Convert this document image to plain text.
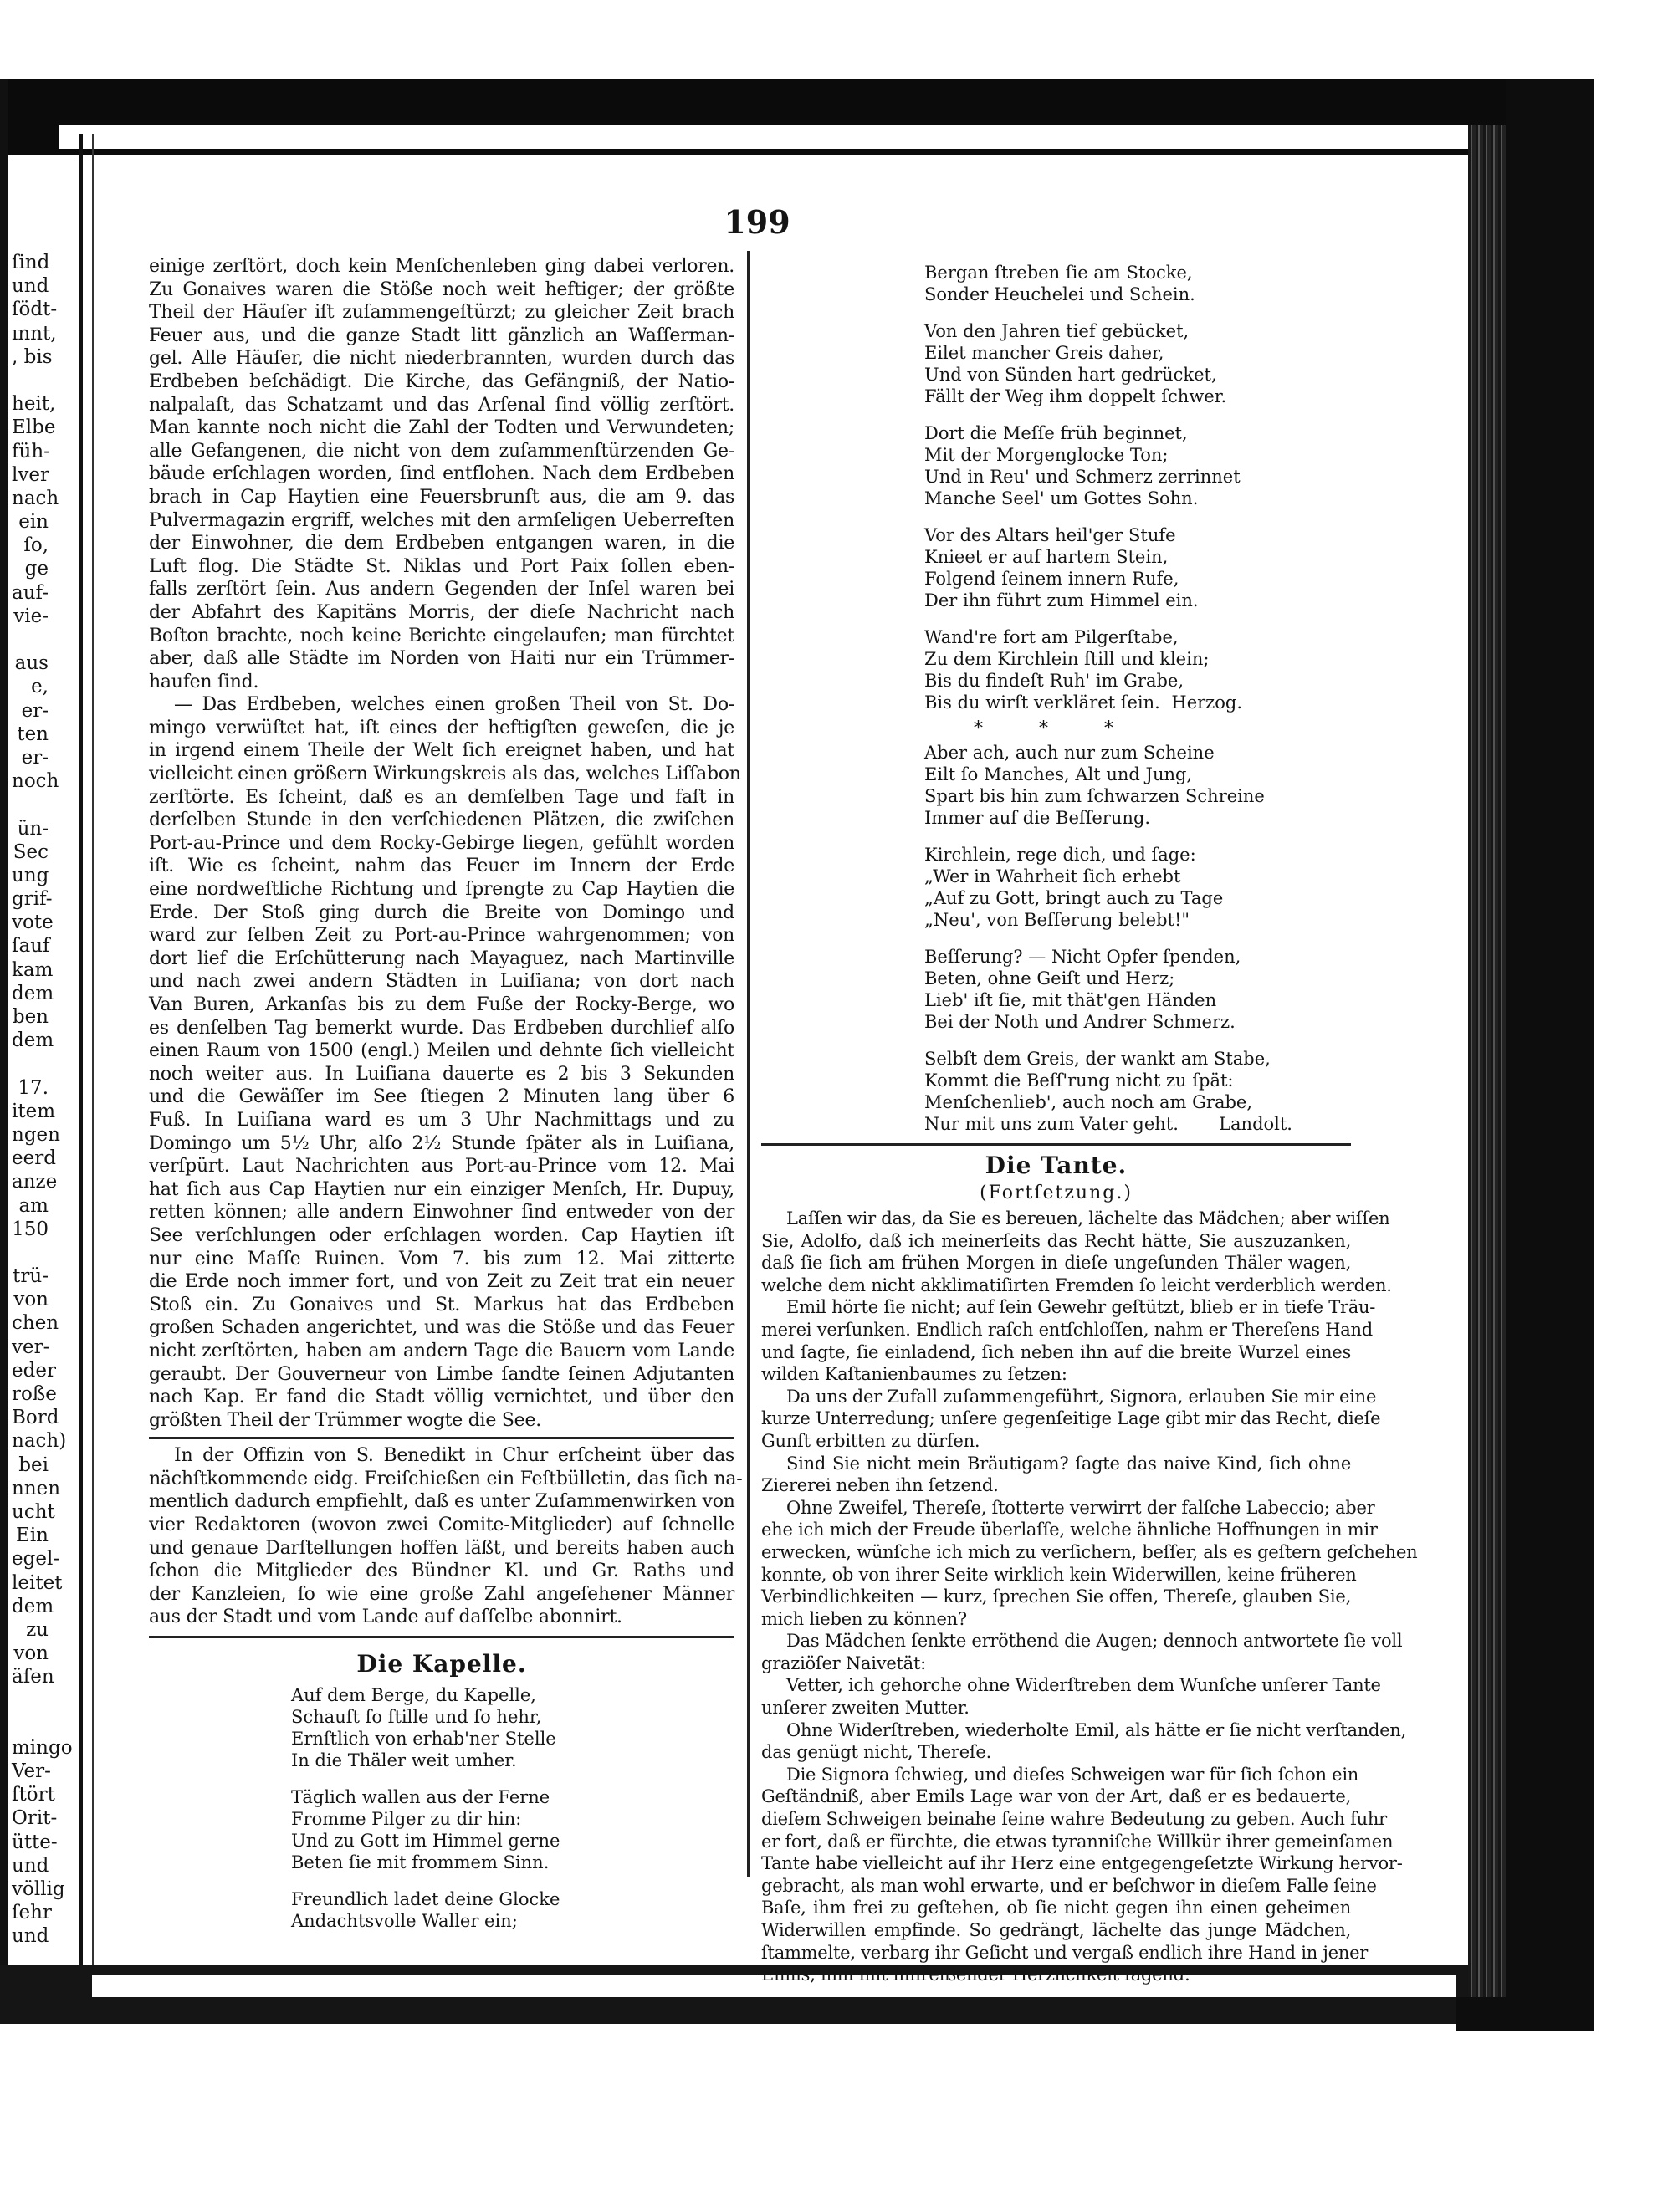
ſind
und
ſödt-
ınnt,
, bis
heit,
Elbe
füh-
lver
nach
ein
ſo,
ge
auf-
vie-
aus
e,
er-
ten
er-
noch
ün-
Sec
ung
grif-
vote
ſauf
kam
dem
ben
dem
17.
item
ngen
eerd
anze
am
150
trü-
von
chen
ver-
eder
roße
Bord
nach)
bei
nnen
ucht
Ein
egel-
leitet
dem
zu
von
äſen
mingo
Ver-
ſtört
Orit-
ütte-
und
völlig
ſehr
und
199
einige zerſtört, doch kein Menſchenleben ging dabei verloren.
Zu Gonaives waren die Stöße noch weit heftiger; der größte
Theil der Häuſer iſt zuſammengeſtürzt; zu gleicher Zeit brach
Feuer aus, und die ganze Stadt litt gänzlich an Waſſerman-
gel. Alle Häuſer, die nicht niederbrannten, wurden durch das
Erdbeben beſchädigt. Die Kirche, das Gefängniß, der Natio-
nalpalaſt, das Schatzamt und das Arſenal ſind völlig zerſtört.
Man kannte noch nicht die Zahl der Todten und Verwundeten;
alle Gefangenen, die nicht von dem zuſammenſtürzenden Ge-
bäude erſchlagen worden, ſind entflohen. Nach dem Erdbeben
brach in Cap Haytien eine Feuersbrunſt aus, die am 9. das
Pulvermagazin ergriff, welches mit den armſeligen Ueberreſten
der Einwohner, die dem Erdbeben entgangen waren, in die
Luft flog. Die Städte St. Niklas und Port Paix ſollen eben-
falls zerſtört ſein. Aus andern Gegenden der Inſel waren bei
der Abfahrt des Kapitäns Morris, der dieſe Nachricht nach
Boſton brachte, noch keine Berichte eingelaufen; man fürchtet
aber, daß alle Städte im Norden von Haiti nur ein Trümmer-
haufen ſind.
— Das Erdbeben, welches einen großen Theil von St. Do-
mingo verwüſtet hat, iſt eines der heftigſten geweſen, die je
in irgend einem Theile der Welt ſich ereignet haben, und hat
vielleicht einen größern Wirkungskreis als das, welches Liſſabon
zerſtörte. Es ſcheint, daß es an demſelben Tage und faſt in
derſelben Stunde in den verſchiedenen Plätzen, die zwiſchen
Port-au-Prince und dem Rocky-Gebirge liegen, gefühlt worden
iſt. Wie es ſcheint, nahm das Feuer im Innern der Erde
eine nordweſtliche Richtung und ſprengte zu Cap Haytien die
Erde. Der Stoß ging durch die Breite von Domingo und
ward zur ſelben Zeit zu Port-au-Prince wahrgenommen; von
dort lief die Erſchütterung nach Mayaguez, nach Martinville
und nach zwei andern Städten in Luiſiana; von dort nach
Van Buren, Arkanſas bis zu dem Fuße der Rocky-Berge, wo
es denſelben Tag bemerkt wurde. Das Erdbeben durchlief alſo
einen Raum von 1500 (engl.) Meilen und dehnte ſich vielleicht
noch weiter aus. In Luiſiana dauerte es 2 bis 3 Sekunden
und die Gewäſſer im See ſtiegen 2 Minuten lang über 6
Fuß. In Luiſiana ward es um 3 Uhr Nachmittags und zu
Domingo um 5½ Uhr, alſo 2½ Stunde ſpäter als in Luiſiana,
verſpürt. Laut Nachrichten aus Port-au-Prince vom 12. Mai
hat ſich aus Cap Haytien nur ein einziger Menſch, Hr. Dupuy,
retten können; alle andern Einwohner ſind entweder von der
See verſchlungen oder erſchlagen worden. Cap Haytien iſt
nur eine Maſſe Ruinen. Vom 7. bis zum 12. Mai zitterte
die Erde noch immer fort, und von Zeit zu Zeit trat ein neuer
Stoß ein. Zu Gonaives und St. Markus hat das Erdbeben
großen Schaden angerichtet, und was die Stöße und das Feuer
nicht zerſtörten, haben am andern Tage die Bauern vom Lande
geraubt. Der Gouverneur von Limbe ſandte ſeinen Adjutanten
nach Kap. Er fand die Stadt völlig vernichtet, und über den
größten Theil der Trümmer wogte die See.
In der Offizin von S. Benedikt in Chur erſcheint über das
nächſtkommende eidg. Freiſchießen ein Feſtbülletin, das ſich na-
mentlich dadurch empfiehlt, daß es unter Zuſammenwirken von
vier Redaktoren (wovon zwei Comite-Mitglieder) auf ſchnelle
und genaue Darſtellungen hoffen läßt, und bereits haben auch
ſchon die Mitglieder des Bündner Kl. und Gr. Raths und
der Kanzleien, ſo wie eine große Zahl angeſehener Männer
aus der Stadt und vom Lande auf daſſelbe abonnirt.
Die Kapelle.
Auf dem Berge, du Kapelle,
Schauſt ſo ſtille und ſo hehr,
Ernſtlich von erhab'ner Stelle
In die Thäler weit umher.
Täglich wallen aus der Ferne
Fromme Pilger zu dir hin:
Und zu Gott im Himmel gerne
Beten ſie mit frommem Sinn.
Freundlich ladet deine Glocke
Andachtsvolle Waller ein;
Bergan ſtreben ſie am Stocke,
Sonder Heuchelei und Schein.
Von den Jahren tief gebücket,
Eilet mancher Greis daher,
Und von Sünden hart gedrücket,
Fällt der Weg ihm doppelt ſchwer.
Dort die Meſſe früh beginnet,
Mit der Morgenglocke Ton;
Und in Reu' und Schmerz zerrinnet
Manche Seel' um Gottes Sohn.
Vor des Altars heil'ger Stufe
Knieet er auf hartem Stein,
Folgend ſeinem innern Rufe,
Der ihn führt zum Himmel ein.
Wand're fort am Pilgerſtabe,
Zu dem Kirchlein ſtill und klein;
Bis du findeſt Ruh' im Grabe,
Bis du wirſt verkläret ſein. Herzog.
* * *
Aber ach, auch nur zum Scheine
Eilt ſo Manches, Alt und Jung,
Spart bis hin zum ſchwarzen Schreine
Immer auf die Beſſerung.
Kirchlein, rege dich, und ſage:
„Wer in Wahrheit ſich erhebt
„Auf zu Gott, bringt auch zu Tage
„Neu', von Beſſerung belebt!"
Beſſerung? — Nicht Opfer ſpenden,
Beten, ohne Geiſt und Herz;
Lieb' iſt ſie, mit thät'gen Händen
Bei der Noth und Andrer Schmerz.
Selbſt dem Greis, der wankt am Stabe,
Kommt die Beſſ'rung nicht zu ſpät:
Menſchenlieb', auch noch am Grabe,
Nur mit uns zum Vater geht. Landolt.
Die Tante.
(Fortſetzung.)
Laſſen wir das, da Sie es bereuen, lächelte das Mädchen; aber wiſſen
Sie, Adolfo, daß ich meinerſeits das Recht hätte, Sie auszuzanken,
daß ſie ſich am frühen Morgen in dieſe ungeſunden Thäler wagen,
welche dem nicht akklimatiſirten Fremden ſo leicht verderblich werden.
Emil hörte ſie nicht; auf ſein Gewehr geſtützt, blieb er in tiefe Träu-
merei verſunken. Endlich raſch entſchloſſen, nahm er Thereſens Hand
und ſagte, ſie einladend, ſich neben ihn auf die breite Wurzel eines
wilden Kaſtanienbaumes zu ſetzen:
Da uns der Zufall zuſammengeführt, Signora, erlauben Sie mir eine
kurze Unterredung; unſere gegenſeitige Lage gibt mir das Recht, dieſe
Gunſt erbitten zu dürfen.
Sind Sie nicht mein Bräutigam? ſagte das naive Kind, ſich ohne
Ziererei neben ihn ſetzend.
Ohne Zweifel, Thereſe, ſtotterte verwirrt der falſche Labeccio; aber
ehe ich mich der Freude überlaſſe, welche ähnliche Hoffnungen in mir
erwecken, wünſche ich mich zu verſichern, beſſer, als es geſtern geſchehen
konnte, ob von ihrer Seite wirklich kein Widerwillen, keine früheren
Verbindlichkeiten — kurz, ſprechen Sie offen, Thereſe, glauben Sie,
mich lieben zu können?
Das Mädchen ſenkte erröthend die Augen; dennoch antwortete ſie voll
graziöſer Naivetät:
Vetter, ich gehorche ohne Widerſtreben dem Wunſche unſerer Tante
unſerer zweiten Mutter.
Ohne Widerſtreben, wiederholte Emil, als hätte er ſie nicht verſtanden,
das genügt nicht, Thereſe.
Die Signora ſchwieg, und dieſes Schweigen war für ſich ſchon ein
Geſtändniß, aber Emils Lage war von der Art, daß er es bedauerte,
dieſem Schweigen beinahe ſeine wahre Bedeutung zu geben. Auch fuhr
er fort, daß er fürchte, die etwas tyranniſche Willkür ihrer gemeinſamen
Tante habe vielleicht auf ihr Herz eine entgegengeſetzte Wirkung hervor-
gebracht, als man wohl erwarte, und er beſchwor in dieſem Falle ſeine
Baſe, ihm frei zu geſtehen, ob ſie nicht gegen ihn einen geheimen
Widerwillen empfinde. So gedrängt, lächelte das junge Mädchen,
ſtammelte, verbarg ihr Geſicht und vergaß endlich ihre Hand in jener
Emils, ihm mit hinreißender Herzlichkeit ſagend:
